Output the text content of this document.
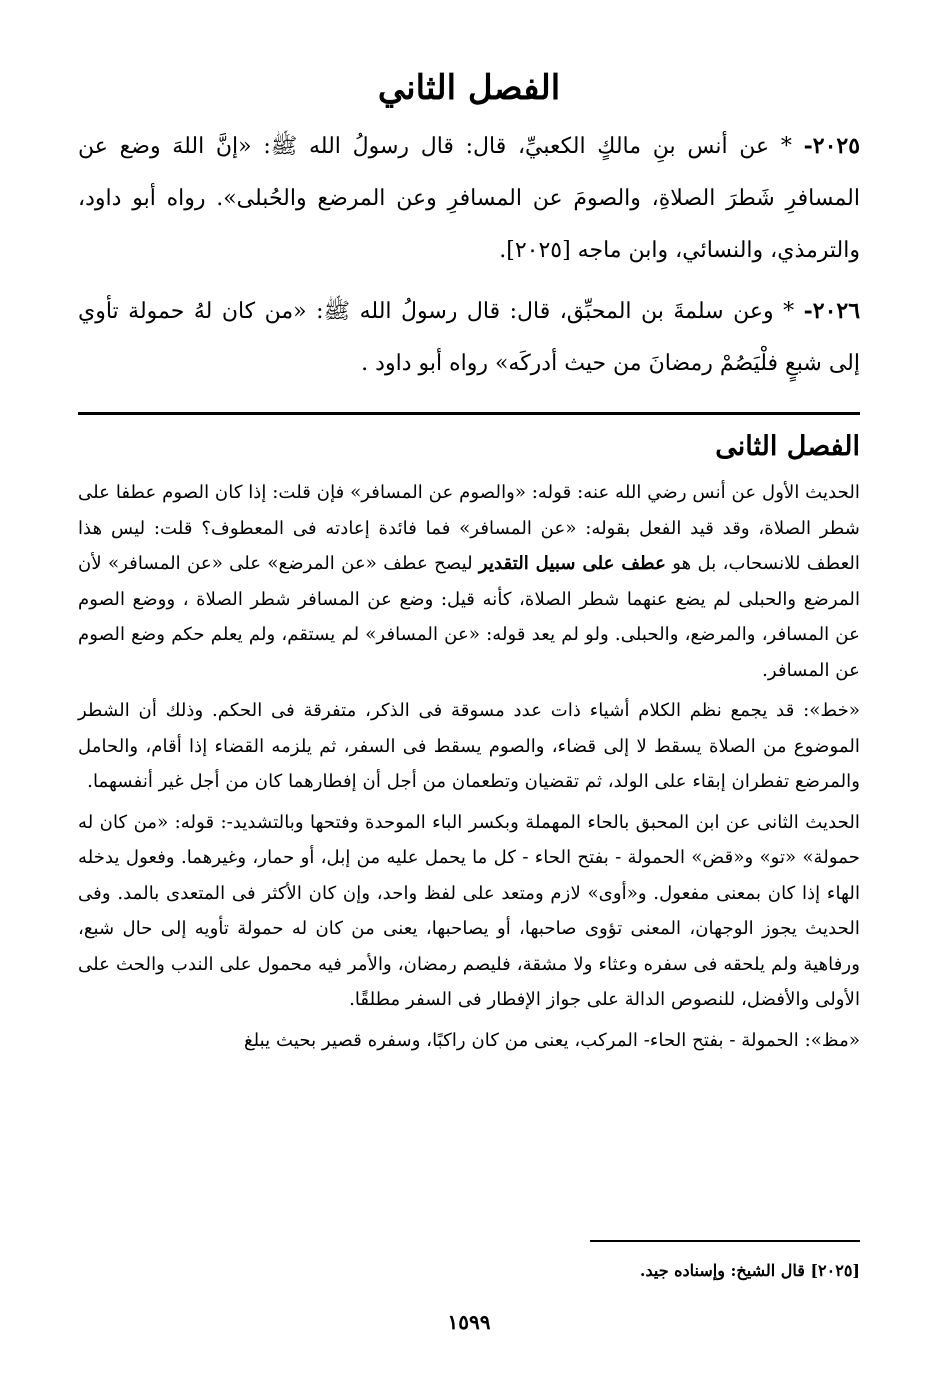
الفصل الثاني

٢٠٢٥- * عن أنس بنِ مالكٍ الكعبيِّ، قال: قال رسولُ الله ﷺ: «إنَّ اللهَ وضع عن المسافرِ شَطرَ الصلاةِ، والصومَ عن المسافرِ وعن المرضع والحُبلى». رواه أبو داود، والترمذي، والنسائي، وابن ماجه [٢٠٢٥].

٢٠٢٦- * وعن سلمةَ بن المحبِّق، قال: قال رسولُ الله ﷺ: «من كان لهُ حمولة تأوي إلى شبعٍ فلْيَصُمْ رمضانَ من حيث أدركَه» رواه أبو داود .

الفصل الثانى

الحديث الأول عن أنس رضي الله عنه: قوله: «والصوم عن المسافر» فإن قلت: إذا كان الصوم عطفا على شطر الصلاة، وقد قيد الفعل بقوله: «عن المسافر» فما فائدة إعادته فى المعطوف؟ قلت: ليس هذا العطف للانسحاب، بل هو عطف على سبيل التقدير ليصح عطف «عن المرضع» على «عن المسافر» لأن المرضع والحبلى لم يضع عنهما شطر الصلاة، كأنه قيل: وضع عن المسافر شطر الصلاة ، ووضع الصوم عن المسافر، والمرضع، والحبلى. ولو لم يعد قوله: «عن المسافر» لم يستقم، ولم يعلم حكم وضع الصوم عن المسافر.

«خط»: قد يجمع نظم الكلام أشياء ذات عدد مسوقة فى الذكر، متفرقة فى الحكم. وذلك أن الشطر الموضوع من الصلاة يسقط لا إلى قضاء، والصوم يسقط فى السفر، ثم يلزمه القضاء إذا أقام، والحامل والمرضع تفطران إبقاء على الولد، ثم تقضيان وتطعمان من أجل أن إفطارهما كان من أجل غير أنفسهما.

الحديث الثانى عن ابن المحبق بالحاء المهملة وبكسر الباء الموحدة وفتحها وبالتشديد-: قوله: «من كان له حمولة» «تو» و«قض» الحمولة - بفتح الحاء - كل ما يحمل عليه من إبل، أو حمار، وغيرهما. وفعول يدخله الهاء إذا كان بمعنى مفعول. و«أوى» لازم ومتعد على لفظ واحد، وإن كان الأكثر فى المتعدى بالمد. وفى الحديث يجوز الوجهان، المعنى تؤوى صاحبها، أو يصاحبها، يعنى من كان له حمولة تأويه إلى حال شبع، ورفاهية ولم يلحقه فى سفره وعثاء ولا مشقة، فليصم رمضان، والأمر فيه محمول على الندب والحث على الأولى والأفضل، للنصوص الدالة على جواز الإفطار فى السفر مطلقًا.

«مظ»: الحمولة - بفتح الحاء- المركب، يعنى من كان راكبًا، وسفره قصير بحيث يبلغ

[٢٠٢٥] قال الشيخ: وإسناده جيد.

١٥٩٩
